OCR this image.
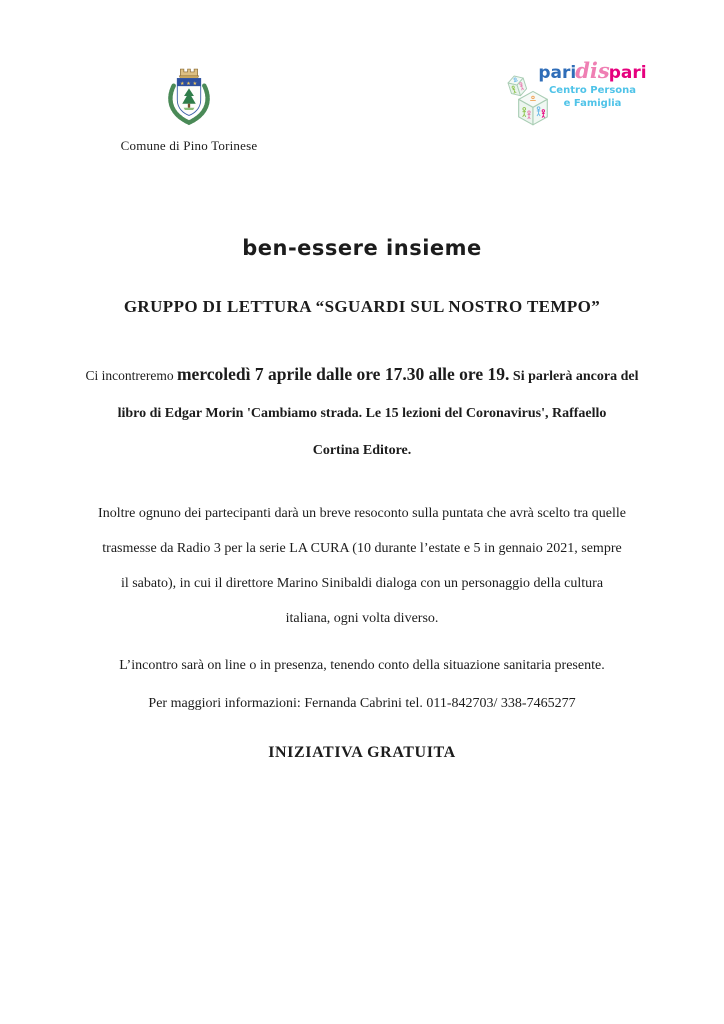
★ ★ ★
Comune di Pino Torinese
paridispari
Centro Persona
e Famiglia
ben-essere insieme
GRUPPO DI LETTURA “SGUARDI SUL NOSTRO TEMPO”
Ci incontreremo mercoledì 7 aprile dalle ore 17.30 alle ore 19. Si parlerà ancora del
libro di Edgar Morin 'Cambiamo strada. Le 15 lezioni del Coronavirus', Raffaello
Cortina Editore.
Inoltre ognuno dei partecipanti darà un breve resoconto sulla puntata che avrà scelto tra quelle
trasmesse da Radio 3 per la serie LA CURA (10 durante l’estate e 5 in gennaio 2021, sempre
il sabato), in cui il direttore Marino Sinibaldi dialoga con un personaggio della cultura
italiana, ogni volta diverso.
L’incontro sarà on line o in presenza, tenendo conto della situazione sanitaria presente.
Per maggiori informazioni: Fernanda Cabrini tel. 011-842703/ 338-7465277
INIZIATIVA GRATUITA
